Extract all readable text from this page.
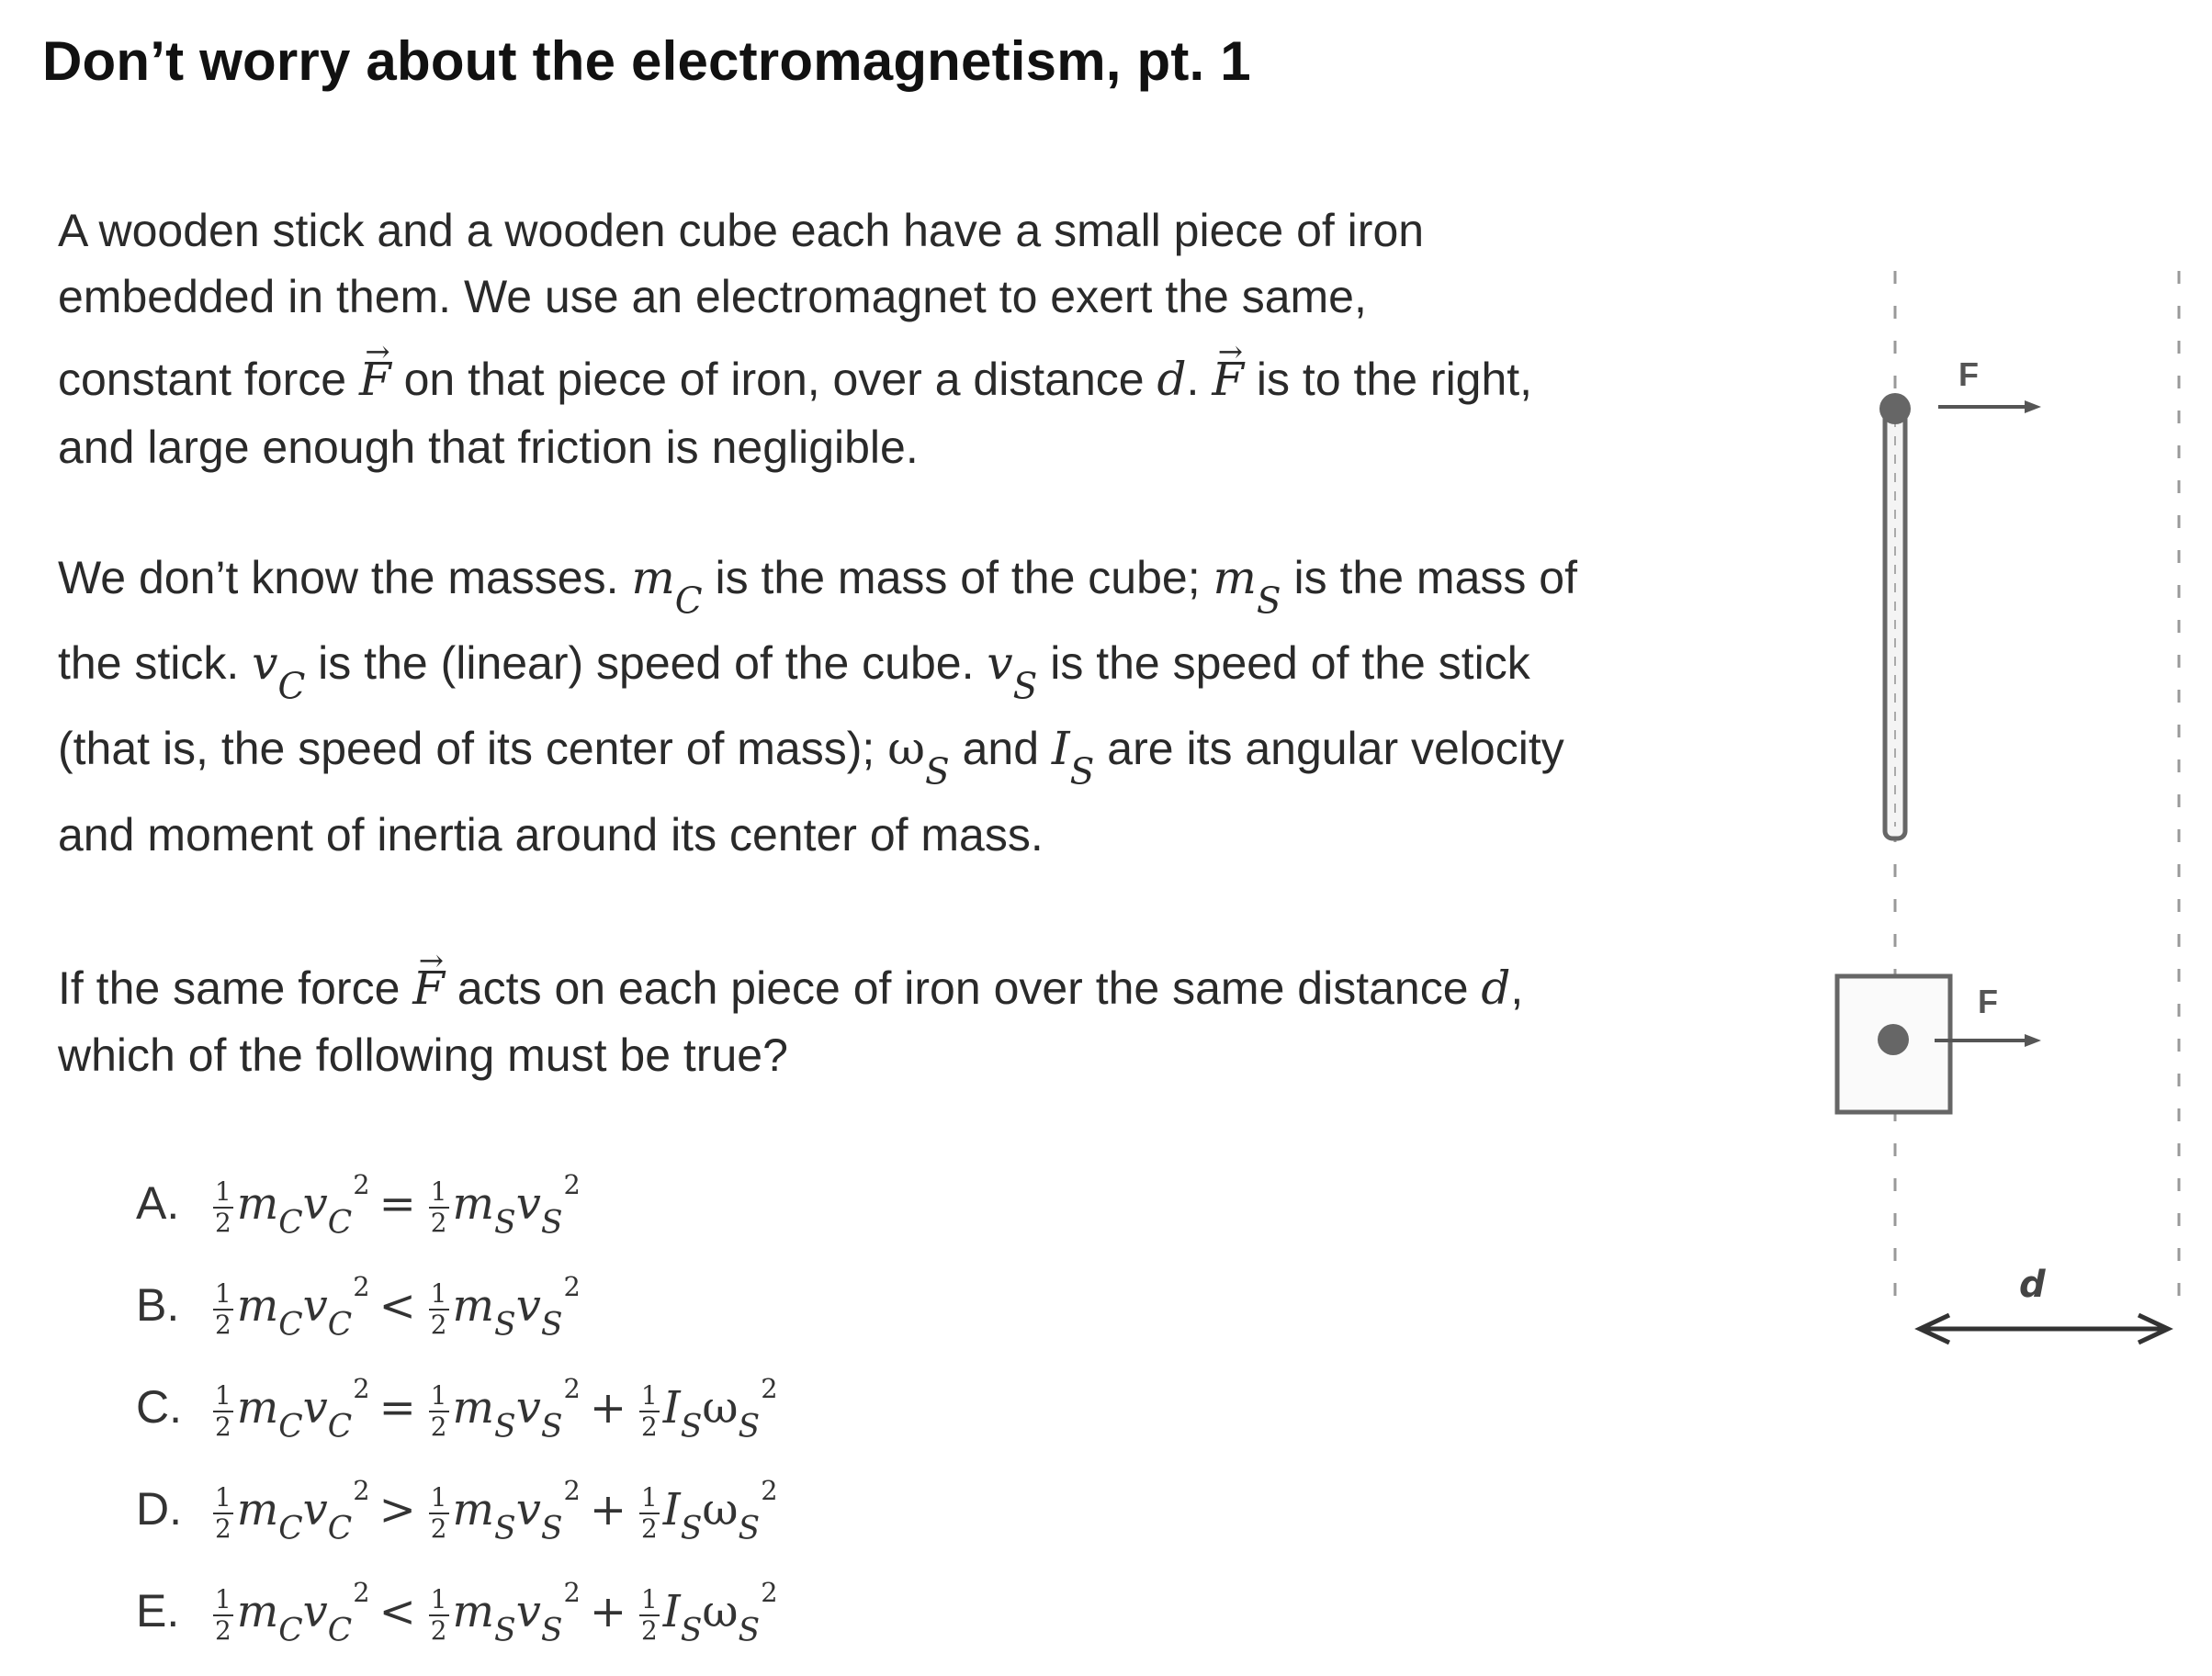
Don’t worry about the electromagnetism, pt. 1

A wooden stick and a wooden cube each have a small piece of iron

embedded in them. We use an electromagnet to exert the same,

constant force → F on that piece of iron, over a distance d. → F is to the right,

and large enough that friction is negligible.

We don’t know the masses. $m_C$ is the mass of the cube; $m_S$ is the mass of

the stick. $v_C$ is the (linear) speed of the cube. $v_S$ is the speed of the stick

(that is, the speed of its center of mass); $\omega_S$ and $I_S$ are its angular velocity

and moment of inertia around its center of mass.

If the same force → F acts on each piece of iron over the same distance d,

which of the following must be true?

A. $\frac{1}{2} m_Cv_C^2 = \frac{1}{2} m_Sv_S^2$
B. $\frac{1}{2} m_Cv_C^2 < \frac{1}{2} m_Sv_S^2$
C. $\frac{1}{2} m_Cv_C^2 = \frac{1}{2} m_Sv_S^2 + \frac{1}{2} I_S\omega_S^2$
D. $\frac{1}{2} m_Cv_C^2 > \frac{1}{2} m_Sv_S^2 + \frac{1}{2} I_S\omega_S^2$
E. $\frac{1}{2} m_Cv_C^2 < \frac{1}{2} m_Sv_S^2 + \frac{1}{2} I_S\omega_S^2$
F
F
d
